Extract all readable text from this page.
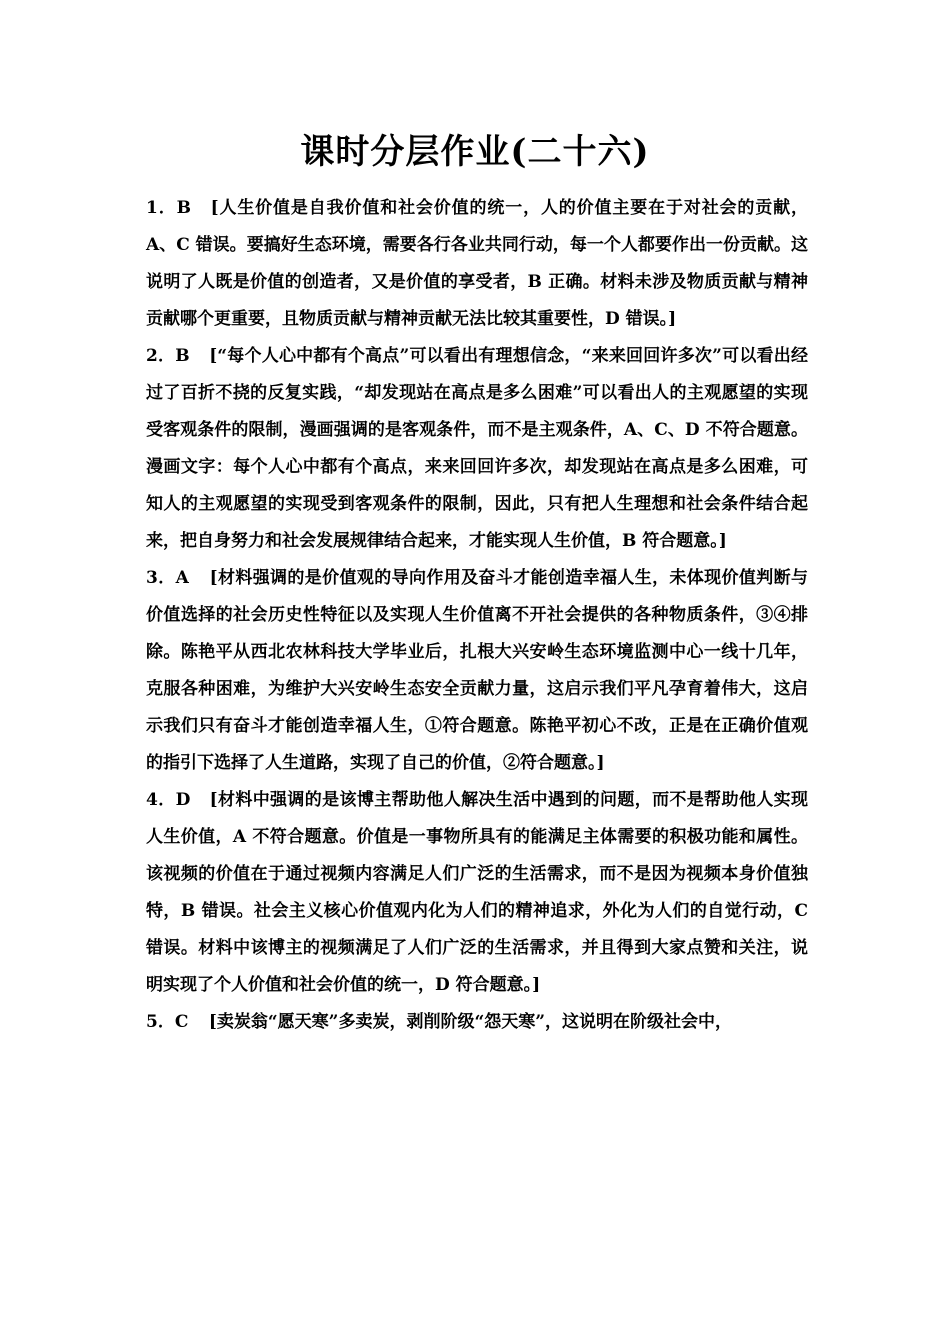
课时分层作业(二十六)

1．B [人生价值是自我价值和社会价值的统一，人的价值主要在于对社会的贡献，A、C 错误。要搞好生态环境，需要各行各业共同行动，每一个人都要作出一份贡献。这说明了人既是价值的创造者，又是价值的享受者，B 正确。材料未涉及物质贡献与精神贡献哪个更重要，且物质贡献与精神贡献无法比较其重要性，D 错误。]

2．B [“每个人心中都有个高点”可以看出有理想信念，“来来回回许多次”可以看出经过了百折不挠的反复实践，“却发现站在高点是多么困难”可以看出人的主观愿望的实现受客观条件的限制，漫画强调的是客观条件，而不是主观条件，A、C、D 不符合题意。漫画文字：每个人心中都有个高点，来来回回许多次，却发现站在高点是多么困难，可知人的主观愿望的实现受到客观条件的限制，因此，只有把人生理想和社会条件结合起来，把自身努力和社会发展规律结合起来，才能实现人生价值，B 符合题意。]

3．A [材料强调的是价值观的导向作用及奋斗才能创造幸福人生，未体现价值判断与价值选择的社会历史性特征以及实现人生价值离不开社会提供的各种物质条件，③④排除。陈艳平从西北农林科技大学毕业后，扎根大兴安岭生态环境监测中心一线十几年，克服各种困难，为维护大兴安岭生态安全贡献力量，这启示我们平凡孕育着伟大，这启示我们只有奋斗才能创造幸福人生，①符合题意。陈艳平初心不改，正是在正确价值观的指引下选择了人生道路，实现了自己的价值，②符合题意。]

4．D [材料中强调的是该博主帮助他人解决生活中遇到的问题，而不是帮助他人实现人生价值，A 不符合题意。价值是一事物所具有的能满足主体需要的积极功能和属性。该视频的价值在于通过视频内容满足人们广泛的生活需求，而不是因为视频本身价值独特，B 错误。社会主义核心价值观内化为人们的精神追求，外化为人们的自觉行动，C 错误。材料中该博主的视频满足了人们广泛的生活需求，并且得到大家点赞和关注，说明实现了个人价值和社会价值的统一，D 符合题意。]

5．C [卖炭翁“愿天寒”多卖炭，剥削阶级“怨天寒”，这说明在阶级社会中，
